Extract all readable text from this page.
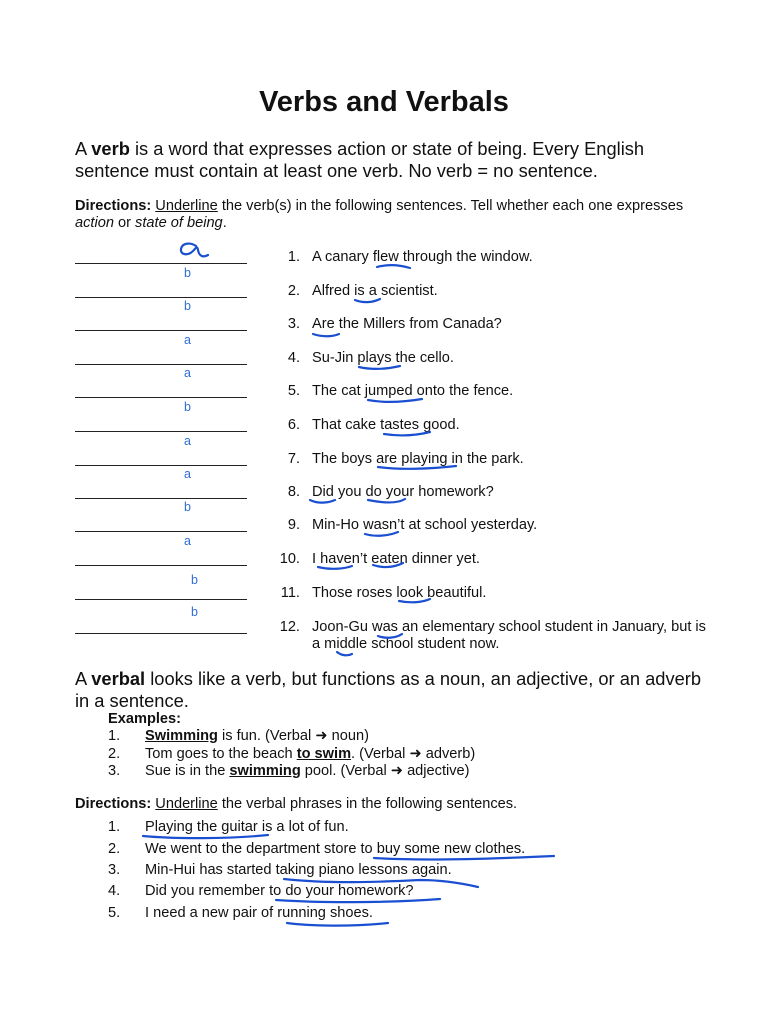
Verbs and Verbals

A verb is a word that expresses action or state of being. Every English sentence must contain at least one verb. No verb = no sentence.

Directions: Underline the verb(s) in the following sentences. Tell whether each one expresses action or state of being.

1. A canary flew through the window.
b
2. Alfred is a scientist.
b
3. Are the Millers from Canada?
a
4. Su-Jin plays the cello.
a
5. The cat jumped onto the fence.
b
6. That cake tastes good.
a
7. The boys are playing in the park.
a
8. Did you do your homework?
b
9. Min-Ho wasn’t at school yesterday.
a
10. I haven’t eaten dinner yet.
b
11. Those roses look beautiful.
b
12. Joon-Gu was an elementary school student in January, but is a middle school student now.

A verbal looks like a verb, but functions as a noun, an adjective, or an adverb in a sentence.

Examples:
1. Swimming is fun. (Verbal ➜ noun)
2. Tom goes to the beach to swim. (Verbal ➜ adverb)
3. Sue is in the swimming pool. (Verbal ➜ adjective)

Directions: Underline the verbal phrases in the following sentences.

1. Playing the guitar is a lot of fun.
2. We went to the department store to buy some new clothes.
3. Min-Hui has started taking piano lessons again.
4. Did you remember to do your homework?
5. I need a new pair of running shoes.
